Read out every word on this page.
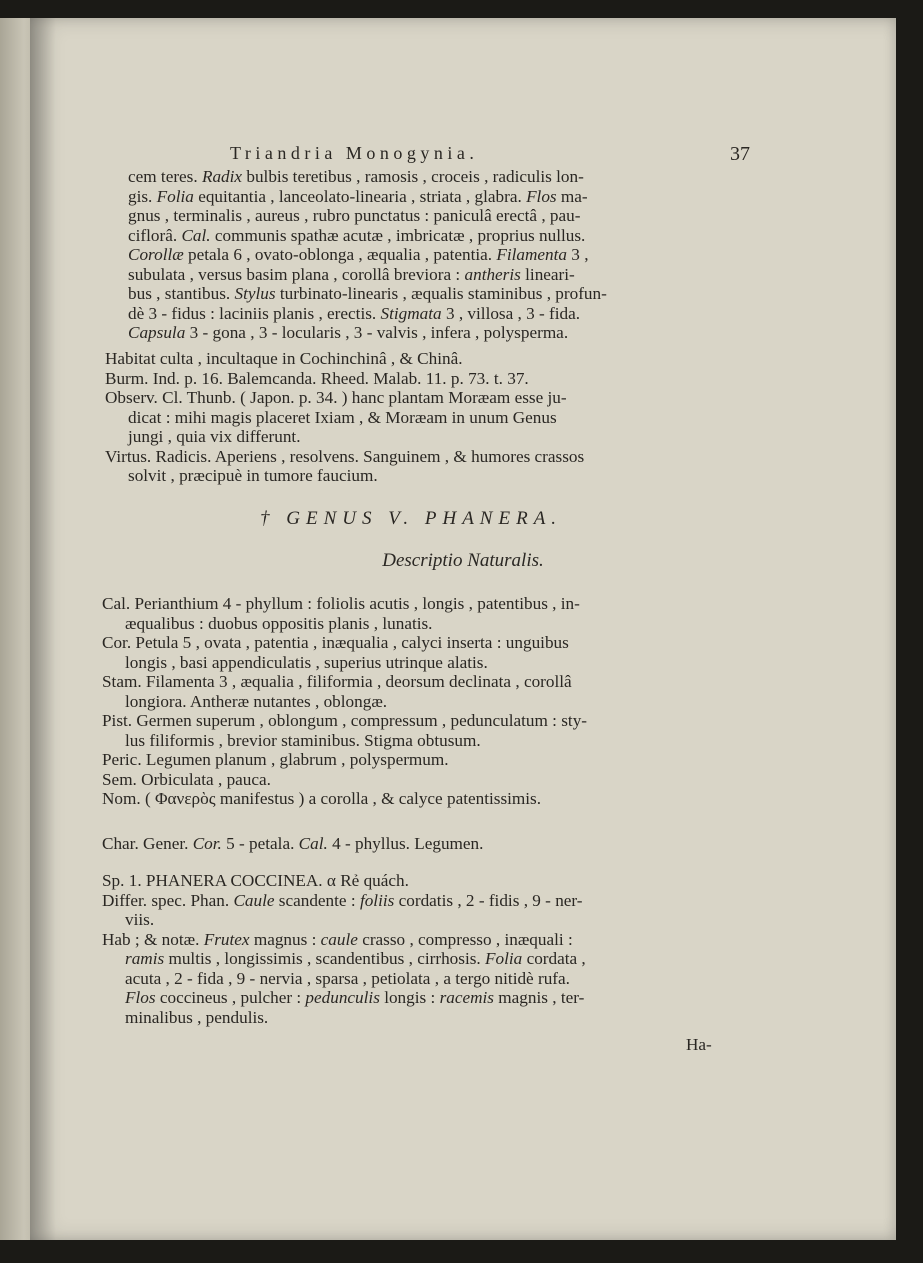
Triandria Monogynia.	37
cem teres. Radix bulbis teretibus , ramosis , croceis , radiculis lon-
gis. Folia equitantia , lanceolato-linearia , striata , glabra. Flos ma-
gnus , terminalis , aureus , rubro punctatus : paniculâ erectâ , pau-
ciflorâ. Cal. communis spathæ acutæ , imbricatæ , proprius nullus.
Corollæ petala 6 , ovato-oblonga , æqualia , patentia. Filamenta 3 ,
subulata , versus basim plana , corollâ breviora : antheris lineari-
bus , stantibus. Stylus turbinato-linearis , æqualis staminibus , profun-
dè 3 - fidus : laciniis planis , erectis. Stigmata 3 , villosa , 3 - fida.
Capsula 3 - gona , 3 - locularis , 3 - valvis , infera , polysperma.
Habitat culta , incultaque in Cochinchinâ , & Chinâ.
Burm. Ind. p. 16. Balemcanda. Rheed. Malab. 11. p. 73. t. 37.
Observ. Cl. Thunb. ( Japon. p. 34. ) hanc plantam Moræam esse ju-
dicat : mihi magis placeret Ixiam , & Moræam in unum Genus
jungi , quia vix differunt.
Virtus. Radicis. Aperiens , resolvens. Sanguinem , & humores crassos
solvit , præcipuè in tumore faucium.
† GENUS V. PHANERA.
Descriptio Naturalis.
Cal. Perianthium 4 - phyllum : foliolis acutis , longis , patentibus , in-
æqualibus : duobus oppositis planis , lunatis.
Cor. Petula 5 , ovata , patentia , inæqualia , calyci inserta : unguibus
longis , basi appendiculatis , superius utrinque alatis.
Stam. Filamenta 3 , æqualia , filiformia , deorsum declinata , corollâ
longiora. Antheræ nutantes , oblongæ.
Pist. Germen superum , oblongum , compressum , pedunculatum : sty-
lus filiformis , brevior staminibus. Stigma obtusum.
Peric. Legumen planum , glabrum , polyspermum.
Sem. Orbiculata , pauca.
Nom. ( Φανερὸς manifestus ) a corolla , & calyce patentissimis.
Char. Gener. Cor. 5 - petala. Cal. 4 - phyllus. Legumen.
Sp. 1. PHANERA COCCINEA. α Rẻ quách.
Differ. spec. Phan. Caule scandente : foliis cordatis , 2 - fidis , 9 - ner-
viis.
Hab ; & notæ. Frutex magnus : caule crasso , compresso , inæquali :
ramis multis , longissimis , scandentibus , cirrhosis. Folia cordata ,
acuta , 2 - fida , 9 - nervia , sparsa , petiolata , a tergo nitidè rufa.
Flos coccineus , pulcher : pedunculis longis : racemis magnis , ter-
minalibus , pendulis.
Ha-
